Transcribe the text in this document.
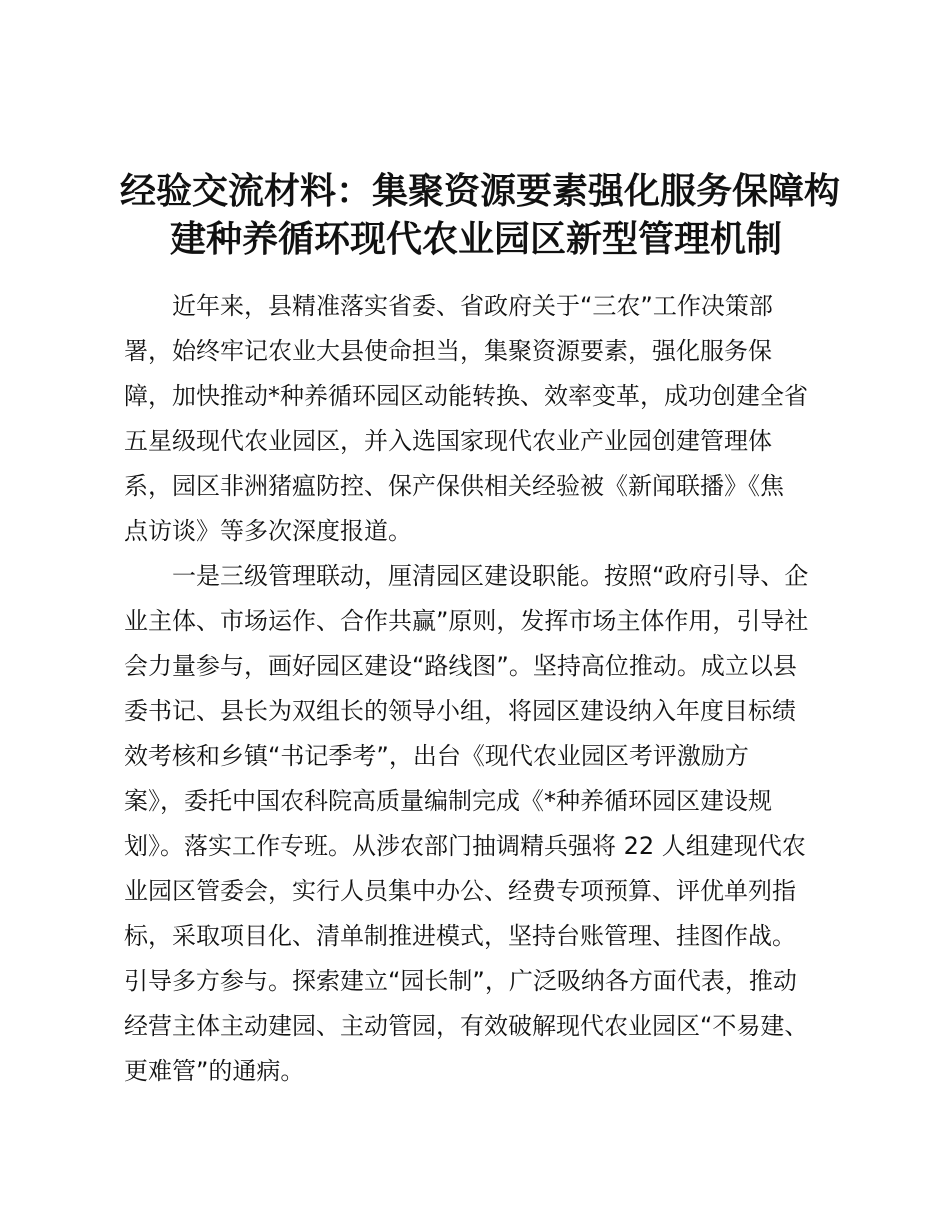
经验交流材料：集聚资源要素强化服务保障构
建种养循环现代农业园区新型管理机制

近年来，县精准落实省委、省政府关于“三农”工作决策部
署，始终牢记农业大县使命担当，集聚资源要素，强化服务保
障，加快推动*种养循环园区动能转换、效率变革，成功创建全省
五星级现代农业园区，并入选国家现代农业产业园创建管理体
系，园区非洲猪瘟防控、保产保供相关经验被《新闻联播》《焦
点访谈》等多次深度报道。

一是三级管理联动，厘清园区建设职能。按照“政府引导、企
业主体、市场运作、合作共赢”原则，发挥市场主体作用，引导社
会力量参与，画好园区建设“路线图”。坚持高位推动。成立以县
委书记、县长为双组长的领导小组，将园区建设纳入年度目标绩
效考核和乡镇“书记季考”，出台《现代农业园区考评激励方
案》，委托中国农科院高质量编制完成《*种养循环园区建设规
划》。落实工作专班。从涉农部门抽调精兵强将 22 人组建现代农
业园区管委会，实行人员集中办公、经费专项预算、评优单列指
标，采取项目化、清单制推进模式，坚持台账管理、挂图作战。
引导多方参与。探索建立“园长制”，广泛吸纳各方面代表，推动
经营主体主动建园、主动管园，有效破解现代农业园区“不易建、
更难管”的通病。
